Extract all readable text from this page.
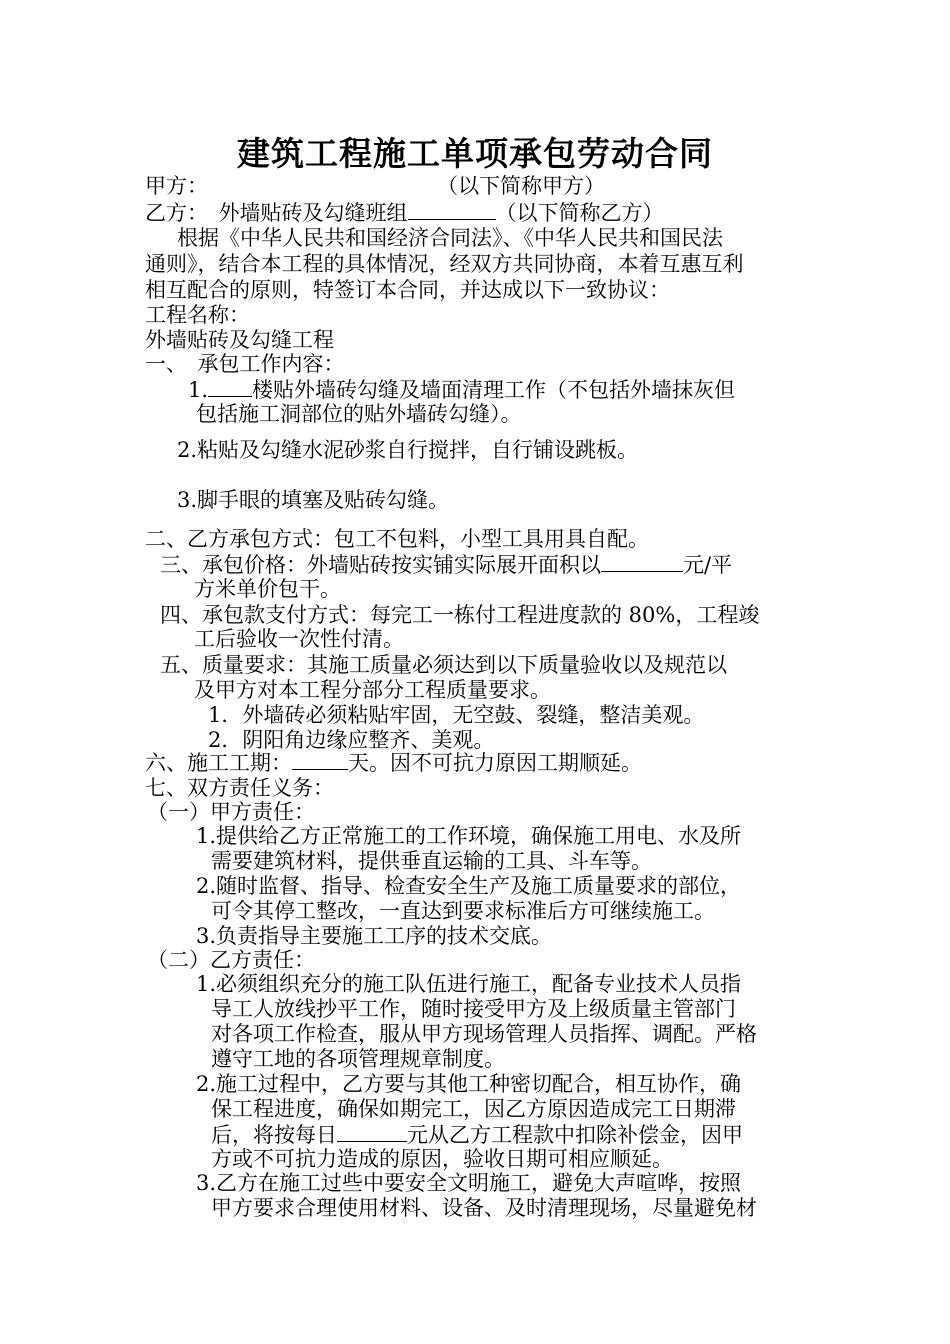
建筑工程施工单项承包劳动合同
甲方：	（以下简称甲方）
乙方：　外墙贴砖及勾缝班组	（以下简称乙方）
根据《中华人民共和国经济合同法》、《中华人民共和国民法
通则》，结合本工程的具体情况，经双方共同协商，本着互惠互利
相互配合的原则，特签订本合同，并达成以下一致协议：
工程名称：
外墙贴砖及勾缝工程
一、　承包工作内容：
1. 楼贴外墙砖勾缝及墙面清理工作（不包括外墙抹灰但
包括施工洞部位的贴外墙砖勾缝）。
2.粘贴及勾缝水泥砂浆自行搅拌，自行铺设跳板。
3.脚手眼的填塞及贴砖勾缝。
二、乙方承包方式：包工不包料，小型工具用具自配。
三、承包价格：外墙贴砖按实铺实际展开面积以	元/平
方米单价包干。
四、承包款支付方式：每完工一栋付工程进度款的 80%，工程竣
工后验收一次性付清。
五、质量要求：其施工质量必须达到以下质量验收以及规范以
及甲方对本工程分部分工程质量要求。
1．外墙砖必须粘贴牢固，无空鼓、裂缝，整洁美观。
2．阴阳角边缘应整齐、美观。
六、施工工期：	天。因不可抗力原因工期顺延。
七、双方责任义务：
（一）甲方责任：
1.提供给乙方正常施工的工作环境，确保施工用电、水及所
需要建筑材料，提供垂直运输的工具、斗车等。
2.随时监督、指导、检查安全生产及施工质量要求的部位，
可令其停工整改，一直达到要求标准后方可继续施工。
3.负责指导主要施工工序的技术交底。
（二）乙方责任：
1.必须组织充分的施工队伍进行施工，配备专业技术人员指
导工人放线抄平工作，随时接受甲方及上级质量主管部门
对各项工作检查，服从甲方现场管理人员指挥、调配。严格
遵守工地的各项管理规章制度。
2.施工过程中，乙方要与其他工种密切配合，相互协作，确
保工程进度，确保如期完工，因乙方原因造成完工日期滞
后，将按每日	元从乙方工程款中扣除补偿金，因甲
方或不可抗力造成的原因，验收日期可相应顺延。
3.乙方在施工过些中要安全文明施工，避免大声喧哗，按照
甲方要求合理使用材料、设备、及时清理现场，尽量避免材
